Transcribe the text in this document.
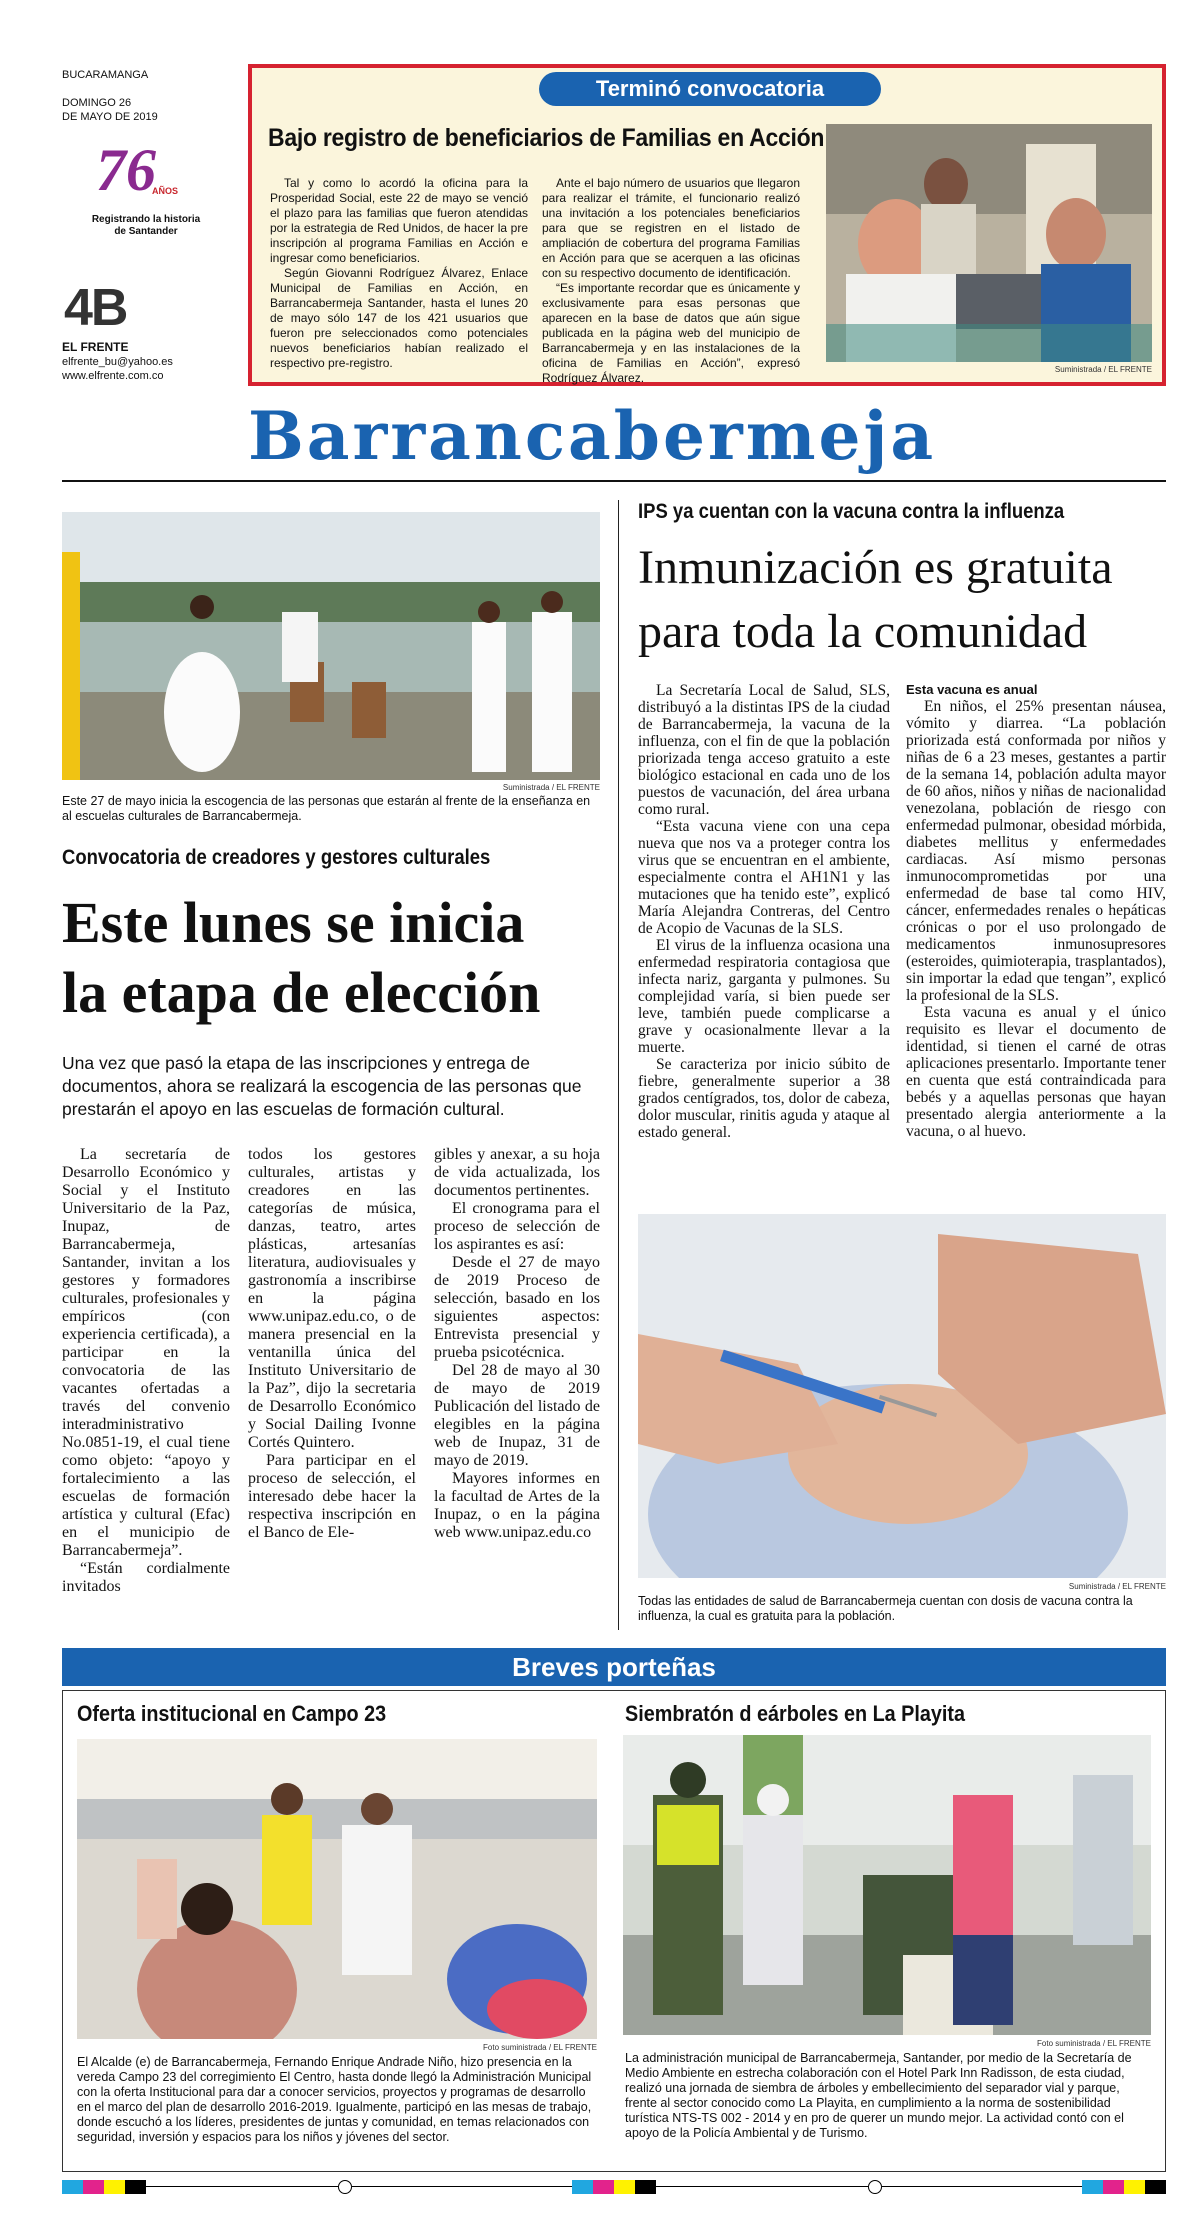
BUCARAMANGA
DOMINGO 26
DE MAYO DE 2019
76
AÑOS
Registrando la historia
de Santander
4B
EL FRENTE
elfrente_bu@yahoo.es
www.elfrente.com.co
Terminó convocatoria
Bajo registro de beneficiarios de Familias en Acción

Tal y como lo acordó la oficina para la Prosperidad Social, este 22 de mayo se venció el plazo para las familias que fueron atendidas por la estrategia de Red Unidos, de hacer la pre inscripción al programa Familias en Acción e ingresar como beneficiarios.

Según Giovanni Rodríguez Álvarez, Enlace Municipal de Familias en Acción, en Barrancabermeja Santander, hasta el lunes 20 de mayo sólo 147 de los 421 usuarios que fueron pre seleccionados como potenciales nuevos beneficiarios habían realizado el respectivo pre-registro.

Ante el bajo número de usuarios que llegaron para realizar el trámite, el funcionario realizó una invitación a los potenciales beneficiarios para que se registren en el listado de ampliación de cobertura del programa Familias en Acción para que se acerquen a las oficinas con su respectivo documento de identificación.

“Es importante recordar que es únicamente y exclusivamente para esas personas que aparecen en la base de datos que aún sigue publicada en la página web del municipio de Barrancabermeja y en las instalaciones de la oficina de Familias en Acción”, expresó Rodríguez Álvarez.

Suministrada / EL FRENTE
Barrancabermeja
Suministrada / EL FRENTE
Este 27 de mayo inicia la escogencia de las personas que estarán al frente de la enseñanza en al escuelas culturales de Barrancabermeja.
Convocatoria de creadores y gestores culturales
Este lunes se inicia
la etapa de elección
Una vez que pasó la etapa de las inscripciones y entrega de documentos, ahora se realizará la escogencia de las personas que prestarán el apoyo en las escuelas de formación cultural.

La secretaría de Desarrollo Económico y Social y el Instituto Universitario de la Paz, Inupaz, de Barrancabermeja, Santander, invitan a los gestores y formadores culturales, profesionales y empíricos (con experiencia certificada), a participar en la convocatoria de las vacantes ofertadas a través del convenio interadministrativo No.0851-19, el cual tiene como objeto: “apoyo y fortalecimiento a las escuelas de formación artística y cultural (Efac) en el municipio de Barrancabermeja”.

“Están cordialmente invitados

todos los gestores culturales, artistas y creadores en las categorías de música, danzas, teatro, artes plásticas, artesanías literatura, audiovisuales y gastronomía a inscribirse en la página www.unipaz.edu.co, o de manera presencial en la ventanilla única del Instituto Universitario de la Paz”, dijo la secretaria de Desarrollo Económico y Social Dailing Ivonne Cortés Quintero.

Para participar en el proceso de selección, el interesado debe hacer la respectiva inscripción en el Banco de Ele-

gibles y anexar, a su hoja de vida actualizada, los documentos pertinentes.

El cronograma para el proceso de selección de los aspirantes es así:

Desde el 27 de mayo de 2019 Proceso de selección, basado en los siguientes aspectos: Entrevista presencial y prueba psicotécnica.

Del 28 de mayo al 30 de mayo de 2019 Publicación del listado de elegibles en la página web de Inupaz, 31 de mayo de 2019.

Mayores informes en la facultad de Artes de la Inupaz, o en la página web www.unipaz.edu.co

IPS ya cuentan con la vacuna contra la influenza
Inmunización es gratuita
para toda la comunidad

La Secretaría Local de Salud, SLS, distribuyó a la distintas IPS de la ciudad de Barrancabermeja, la vacuna de la influenza, con el fin de que la población priorizada tenga acceso gratuito a este biológico estacional en cada uno de los puestos de vacunación, del área urbana como rural.

“Esta vacuna viene con una cepa nueva que nos va a proteger contra los virus que se encuentran en el ambiente, especialmente contra el AH1N1 y las mutaciones que ha tenido este”, explicó María Alejandra Contreras, del Centro de Acopio de Vacunas de la SLS.

El virus de la influenza ocasiona una enfermedad respiratoria contagiosa que infecta nariz, garganta y pulmones. Su complejidad varía, si bien puede ser leve, también puede complicarse a grave y ocasionalmente llevar a la muerte.

Se caracteriza por inicio súbito de fiebre, generalmente superior a 38 grados centígrados, tos, dolor de cabeza, dolor muscular, rinitis aguda y ataque al estado general.

Esta vacuna es anual

En niños, el 25% presentan náusea, vómito y diarrea. “La población priorizada está conformada por niños y niñas de 6 a 23 meses, gestantes a partir de la semana 14, población adulta mayor de 60 años, niños y niñas de nacionalidad venezolana, población de riesgo con enfermedad pulmonar, obesidad mórbida, diabetes mellitus y enfermedades cardiacas. Así mismo personas inmunocomprometidas por una enfermedad de base tal como HIV, cáncer, enfermedades renales o hepáticas crónicas o por el uso prolongado de medicamentos inmunosupresores (esteroides, quimioterapia, trasplantados), sin importar la edad que tengan”, explicó la profesional de la SLS.

Esta vacuna es anual y el único requisito es llevar el documento de identidad, si tienen el carné de otras aplicaciones presentarlo. Importante tener en cuenta que está contraindicada para bebés y a aquellas personas que hayan presentado alergia anteriormente a la vacuna, o al huevo.

Suministrada / EL FRENTE
Todas las entidades de salud de Barrancabermeja cuentan con dosis de vacuna contra la influenza, la cual es gratuita para la población.
Breves porteñas
Oferta institucional en Campo 23
Foto suministrada / EL FRENTE
El Alcalde (e) de Barrancabermeja, Fernando Enrique Andrade Niño, hizo presencia en la vereda Campo 23 del corregimiento El Centro, hasta donde llegó la Administración Municipal con la oferta Institucional para dar a conocer servicios, proyectos y programas de desarrollo en el marco del plan de desarrollo 2016-2019. Igualmente, participó en las mesas de trabajo, donde escuchó a los líderes, presidentes de juntas y comunidad, en temas relacionados con seguridad, inversión y espacios para los niños y jóvenes del sector.
Siembratón d eárboles en La Playita
Foto suministrada / EL FRENTE
La administración municipal de Barrancabermeja, Santander, por medio de la Secretaría de Medio Ambiente en estrecha colaboración con el Hotel Park Inn Radisson, de esta ciudad, realizó una jornada de siembra de árboles y embellecimiento del separador vial y parque, frente al sector conocido como La Playita, en cumplimiento a la norma de sostenibilidad turística NTS-TS 002 - 2014 y en pro de querer un mundo mejor. La actividad contó con el apoyo de la Policía Ambiental y de Turismo.
